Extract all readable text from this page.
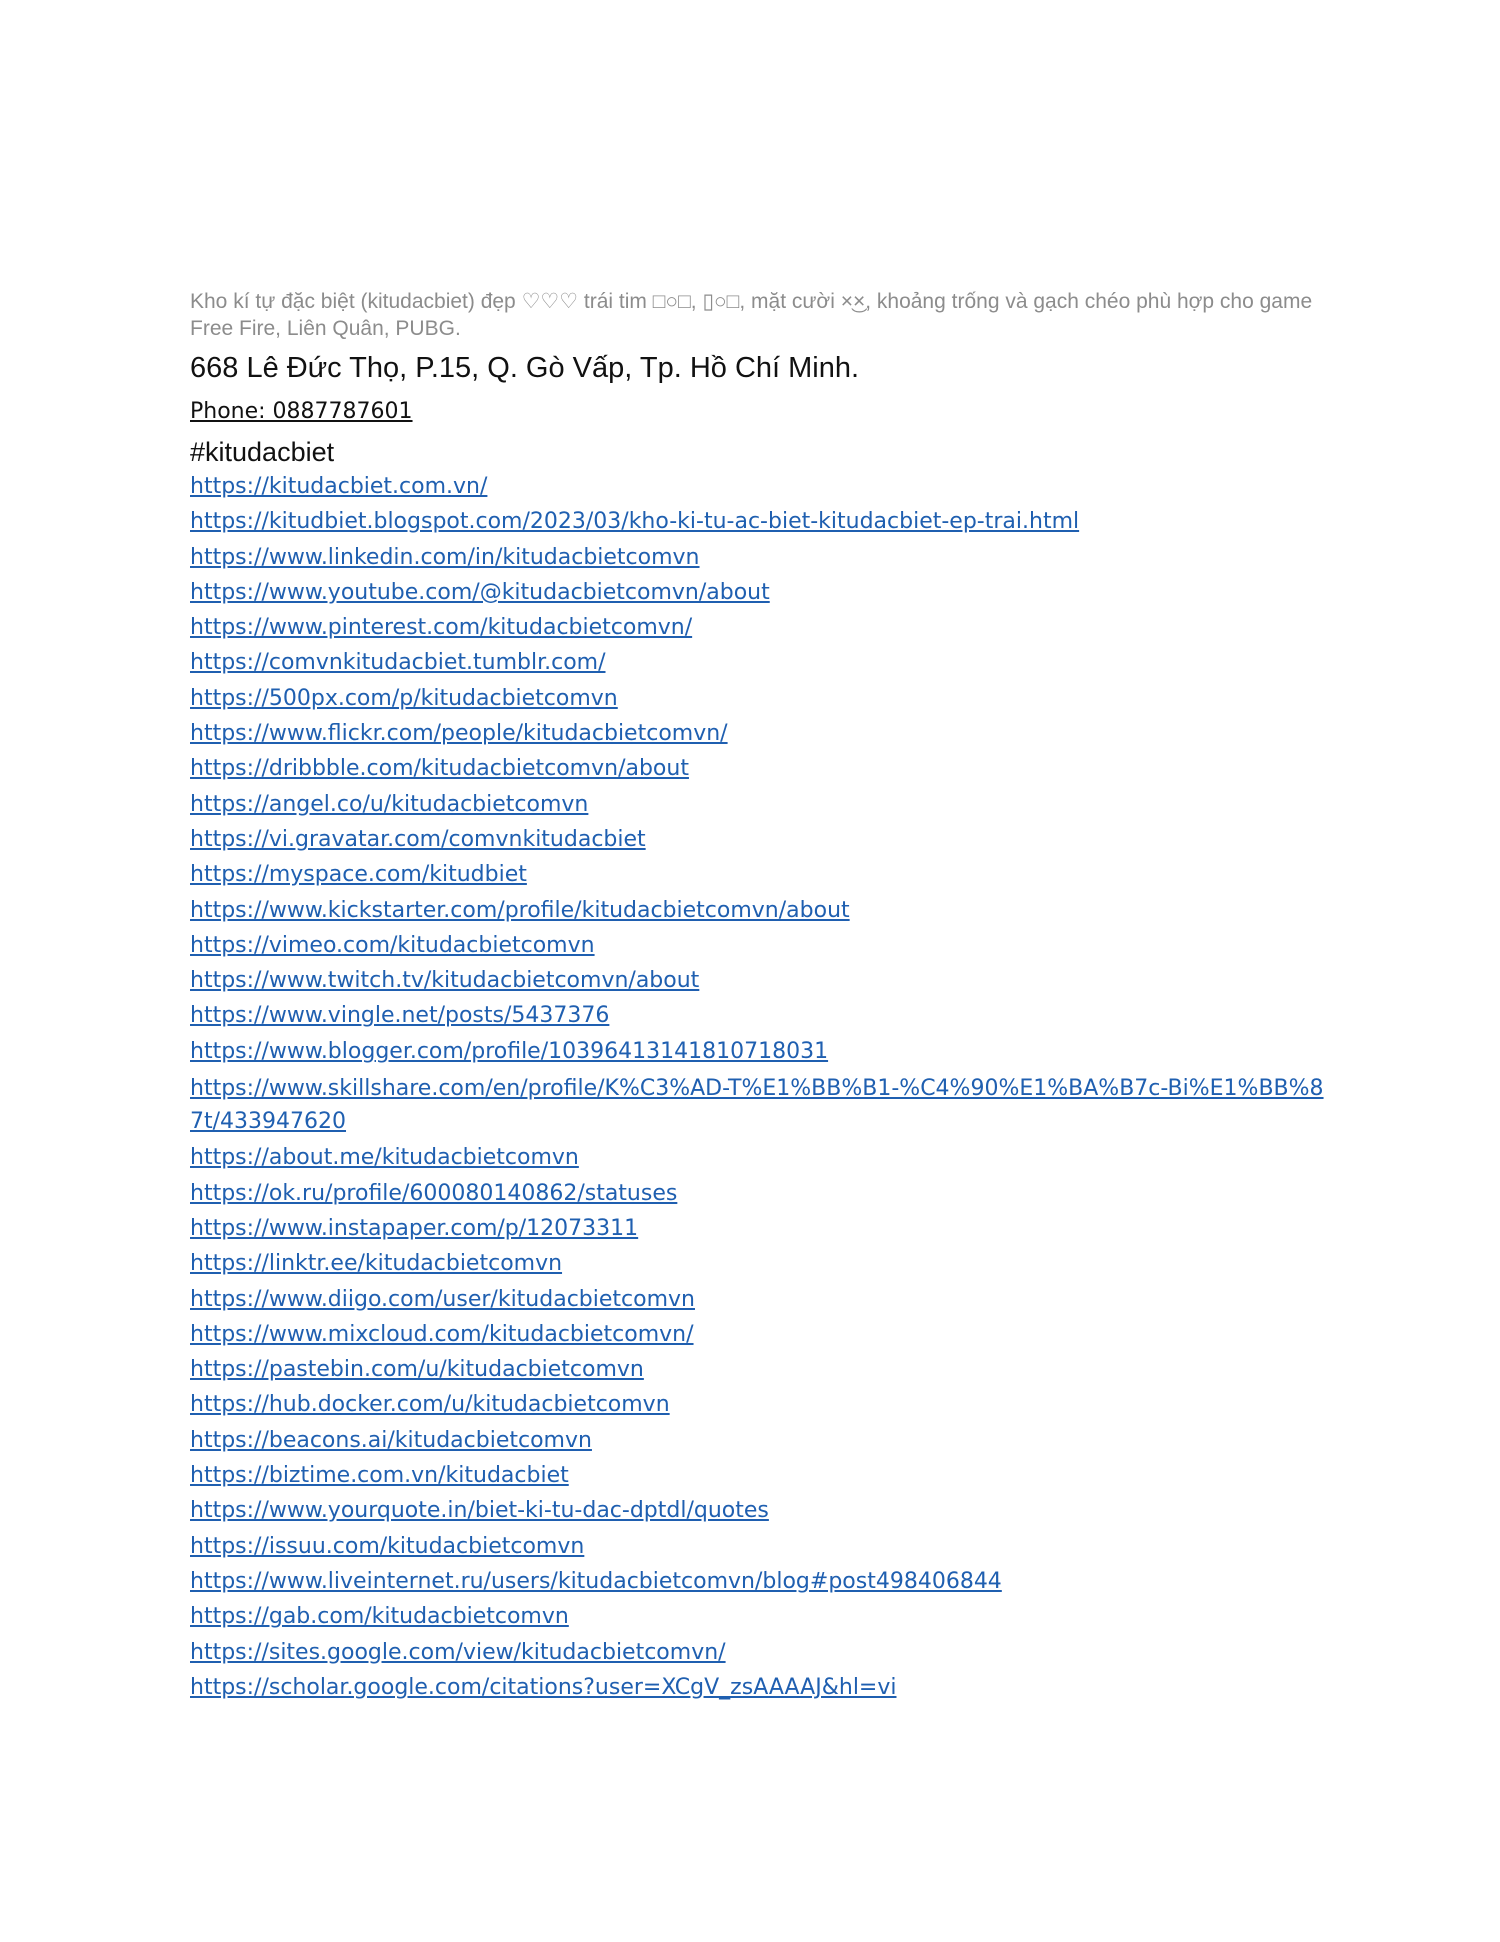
Kho kí tự đặc biệt (kitudacbiet) đẹp ♡♡♡ trái tim □○□, ▯○□, mặt cười ×͜×, khoảng trống và gạch chéo phù hợp cho game Free Fire, Liên Quân, PUBG.

668 Lê Đức Thọ, P.15, Q. Gò Vấp, Tp. Hồ Chí Minh.
Phone: 0887787601
#kitudacbiet
https://kitudacbiet.com.vn/
https://kitudbiet.blogspot.com/2023/03/kho-ki-tu-ac-biet-kitudacbiet-ep-trai.html
https://www.linkedin.com/in/kitudacbietcomvn
https://www.youtube.com/@kitudacbietcomvn/about
https://www.pinterest.com/kitudacbietcomvn/
https://comvnkitudacbiet.tumblr.com/
https://500px.com/p/kitudacbietcomvn
https://www.flickr.com/people/kitudacbietcomvn/
https://dribbble.com/kitudacbietcomvn/about
https://angel.co/u/kitudacbietcomvn
https://vi.gravatar.com/comvnkitudacbiet
https://myspace.com/kitudbiet
https://www.kickstarter.com/profile/kitudacbietcomvn/about
https://vimeo.com/kitudacbietcomvn
https://www.twitch.tv/kitudacbietcomvn/about
https://www.vingle.net/posts/5437376
https://www.blogger.com/profile/10396413141810718031
https://www.skillshare.com/en/profile/K%C3%AD-T%E1%BB%B1-%C4%90%E1%BA%B7c-Bi%E1%BB%87t/433947620
https://about.me/kitudacbietcomvn
https://ok.ru/profile/600080140862/statuses
https://www.instapaper.com/p/12073311
https://linktr.ee/kitudacbietcomvn
https://www.diigo.com/user/kitudacbietcomvn
https://www.mixcloud.com/kitudacbietcomvn/
https://pastebin.com/u/kitudacbietcomvn
https://hub.docker.com/u/kitudacbietcomvn
https://beacons.ai/kitudacbietcomvn
https://biztime.com.vn/kitudacbiet
https://www.yourquote.in/biet-ki-tu-dac-dptdl/quotes
https://issuu.com/kitudacbietcomvn
https://www.liveinternet.ru/users/kitudacbietcomvn/blog#post498406844
https://gab.com/kitudacbietcomvn
https://sites.google.com/view/kitudacbietcomvn/
https://scholar.google.com/citations?user=XCgV_zsAAAAJ&hl=vi
